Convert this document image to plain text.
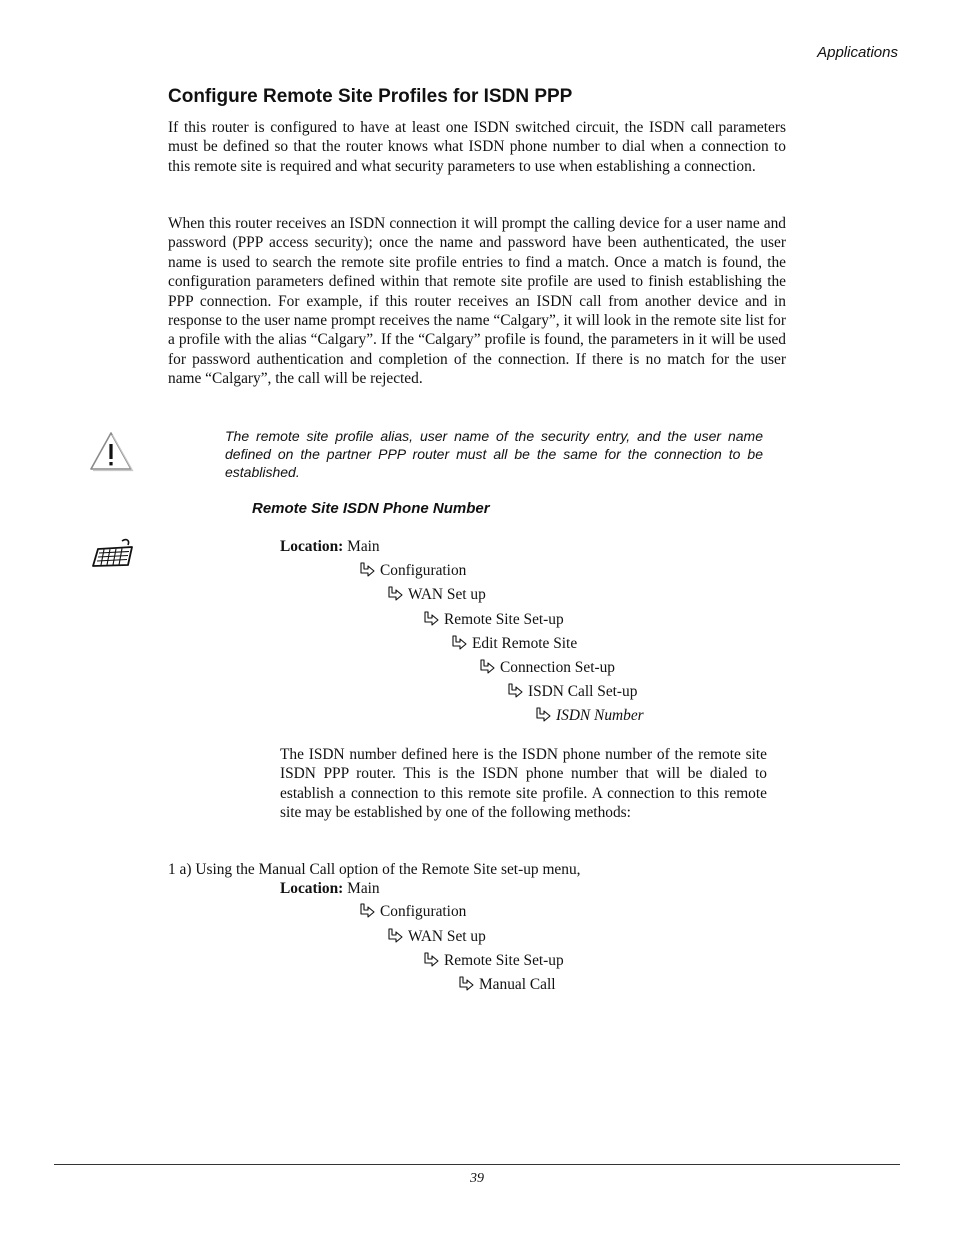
Applications
Configure Remote Site Profiles for ISDN PPP

If this router is configured to have at least one ISDN switched circuit, the ISDN call parameters must be defined so that the router knows what ISDN phone number to dial when a connection to this remote site is required and what security parameters to use when establishing a connection.

When this router receives an ISDN connection it will prompt the calling device for a user name and password (PPP access security); once the name and password have been authenticated, the user name is used to search the remote site profile entries to find a match. Once a match is found, the configuration parameters defined within that remote site profile are used to finish establishing the PPP connection. For example, if this router receives an ISDN call from another device and in response to the user name prompt receives the name “Calgary”, it will look in the remote site list for a profile with the alias “Calgary”. If the “Calgary” profile is found, the parameters in it will be used for password authentication and completion of the connection. If there is no match for the user name “Calgary”, the call will be rejected.

The remote site profile alias, user name of the security entry, and the user name defined on the partner PPP router must all be the same for the connection to be established.

Remote Site ISDN Phone Number
Location: Main
Configuration
WAN Set up
Remote Site Set-up
Edit Remote Site
Connection Set-up
ISDN Call Set-up
ISDN Number

The ISDN number defined here is the ISDN phone number of the remote site ISDN PPP router. This is the ISDN phone number that will be dialed to establish a connection to this remote site profile. A connection to this remote site may be established by one of the following methods:

1 a) Using the Manual Call option of the Remote Site set-up menu,
Location: Main
Configuration
WAN Set up
Remote Site Set-up
Manual Call
39
